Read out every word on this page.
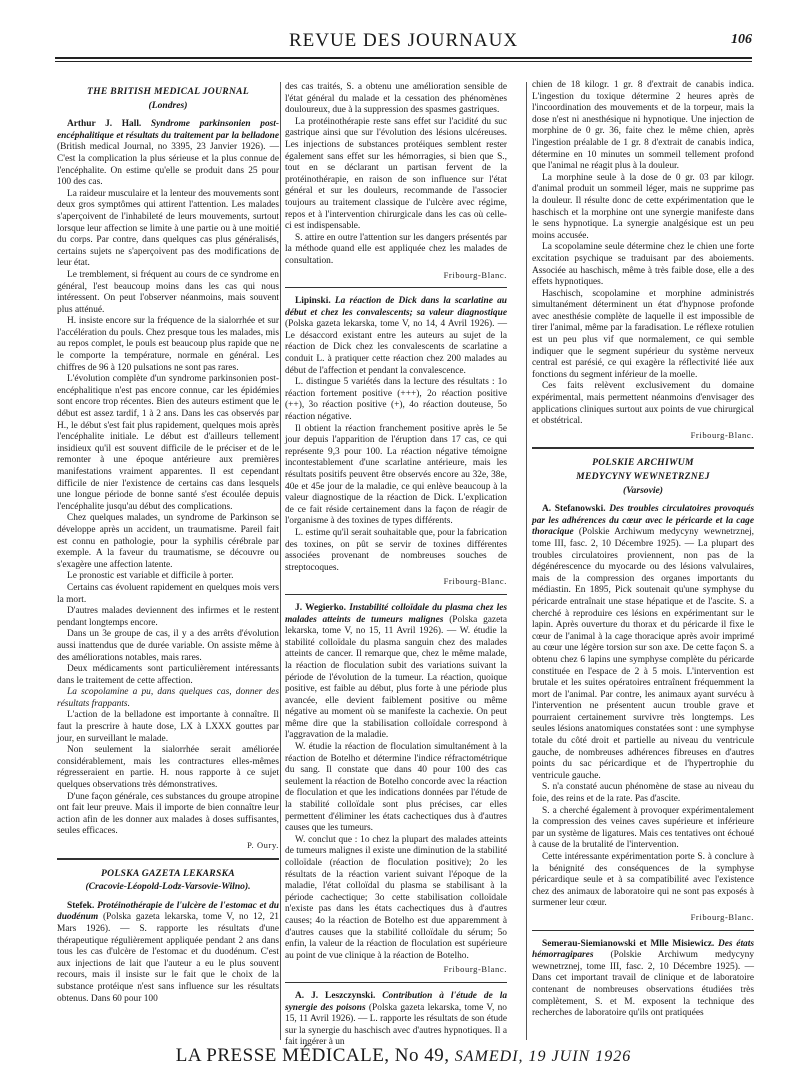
REVUE DES JOURNAUX	106
THE BRITISH MEDICAL JOURNAL
(Londres)

Arthur J. Hall. Syndrome parkinsonien post-encéphalitique et résultats du traitement par la belladone (British medical Journal, no 3395, 23 Janvier 1926). — C'est la complication la plus sérieuse et la plus connue de l'encéphalite. On estime qu'elle se produit dans 25 pour 100 des cas.

La raideur musculaire et la lenteur des mouvements sont deux gros symptômes qui attirent l'attention. Les malades s'aperçoivent de l'inhabileté de leurs mouvements, surtout lorsque leur affection se limite à une partie ou à une moitié du corps. Par contre, dans quelques cas plus généralisés, certains sujets ne s'aperçoivent pas des modifications de leur état.

Le tremblement, si fréquent au cours de ce syndrome en général, l'est beaucoup moins dans les cas qui nous intéressent. On peut l'observer néanmoins, mais souvent plus atténué.

H. insiste encore sur la fréquence de la sialorrhée et sur l'accélération du pouls. Chez presque tous les malades, mis au repos complet, le pouls est beaucoup plus rapide que ne le comporte la température, normale en général. Les chiffres de 96 à 120 pulsations ne sont pas rares.

L'évolution complète d'un syndrome parkinsonien post-encéphalitique n'est pas encore connue, car les épidémies sont encore trop récentes. Bien des auteurs estiment que le début est assez tardif, 1 à 2 ans. Dans les cas observés par H., le début s'est fait plus rapidement, quelques mois après l'encéphalite initiale. Le début est d'ailleurs tellement insidieux qu'il est souvent difficile de le préciser et de le remonter à une époque antérieure aux premières manifestations vraiment apparentes. Il est cependant difficile de nier l'existence de certains cas dans lesquels une longue période de bonne santé s'est écoulée depuis l'encéphalite jusqu'au début des complications.

Chez quelques malades, un syndrome de Parkinson se développe après un accident, un traumatisme. Pareil fait est connu en pathologie, pour la syphilis cérébrale par exemple. A la faveur du traumatisme, se découvre ou s'exagère une affection latente.

Le pronostic est variable et difficile à porter.

Certains cas évoluent rapidement en quelques mois vers la mort.

D'autres malades deviennent des infirmes et le restent pendant longtemps encore.

Dans un 3e groupe de cas, il y a des arrêts d'évolution aussi inattendus que de durée variable. On assiste même à des améliorations notables, mais rares.

Deux médicaments sont particulièrement intéressants dans le traitement de cette affection.

La scopolamine a pu, dans quelques cas, donner des résultats frappants.

L'action de la belladone est importante à connaître. Il faut la prescrire à haute dose, LX à LXXX gouttes par jour, en surveillant le malade.

Non seulement la sialorrhée serait améliorée considérablement, mais les contractures elles-mêmes régresseraient en partie. H. nous rapporte à ce sujet quelques observations très démonstratives.

D'une façon générale, ces substances du groupe atropine ont fait leur preuve. Mais il importe de bien connaître leur action afin de les donner aux malades à doses suffisantes, seules efficaces.

P. Oury.
POLSKA GAZETA LEKARSKA
(Cracovie-Léopold-Lodz-Varsovie-Wilno).

Stefek. Protéinothérapie de l'ulcère de l'estomac et du duodénum (Polska gazeta lekarska, tome V, no 12, 21 Mars 1926). — S. rapporte les résultats d'une thérapeutique régulièrement appliquée pendant 2 ans dans tous les cas d'ulcère de l'estomac et du duodénum. C'est aux injections de lait que l'auteur a eu le plus souvent recours, mais il insiste sur le fait que le choix de la substance protéique n'est sans influence sur les résultats obtenus. Dans 60 pour 100

des cas traités, S. a obtenu une amélioration sensible de l'état général du malade et la cessation des phénomènes douloureux, due à la suppression des spasmes gastriques.

La protéinothérapie reste sans effet sur l'acidité du suc gastrique ainsi que sur l'évolution des lésions ulcéreuses. Les injections de substances protéiques semblent rester également sans effet sur les hémorragies, si bien que S., tout en se déclarant un partisan fervent de la protéinothérapie, en raison de son influence sur l'état général et sur les douleurs, recommande de l'associer toujours au traitement classique de l'ulcère avec régime, repos et à l'intervention chirurgicale dans les cas où celle-ci est indispensable.

S. attire en outre l'attention sur les dangers présentés par la méthode quand elle est appliquée chez les malades de consultation.

Fribourg-Blanc.

Lipinski. La réaction de Dick dans la scarlatine au début et chez les convalescents; sa valeur diagnostique (Polska gazeta lekarska, tome V, no 14, 4 Avril 1926). — Le désaccord existant entre les auteurs au sujet de la réaction de Dick chez les convalescents de scarlatine a conduit L. à pratiquer cette réaction chez 200 malades au début de l'affection et pendant la convalescence.

L. distingue 5 variétés dans la lecture des résultats : 1o réaction fortement positive (+++), 2o réaction positive (++), 3o réaction positive (+), 4o réaction douteuse, 5o réaction négative.

Il obtient la réaction franchement positive après le 5e jour depuis l'apparition de l'éruption dans 17 cas, ce qui représente 9,3 pour 100. La réaction négative témoigne incontestablement d'une scarlatine antérieure, mais les résultats positifs peuvent être observés encore au 32e, 38e, 40e et 45e jour de la maladie, ce qui enlève beaucoup à la valeur diagnostique de la réaction de Dick. L'explication de ce fait réside certainement dans la façon de réagir de l'organisme à des toxines de types différents.

L. estime qu'il serait souhaitable que, pour la fabrication des toxines, on pût se servir de toxines différentes associées provenant de nombreuses souches de streptocoques.

Fribourg-Blanc.

J. Wegierko. Instabilité colloïdale du plasma chez les malades atteints de tumeurs malignes (Polska gazeta lekarska, tome V, no 15, 11 Avril 1926). — W. étudie la stabilité colloïdale du plasma sanguin chez des malades atteints de cancer. Il remarque que, chez le même malade, la réaction de floculation subit des variations suivant la période de l'évolution de la tumeur. La réaction, quoique positive, est faible au début, plus forte à une période plus avancée, elle devient faiblement positive ou même négative au moment où se manifeste la cachexie. On peut même dire que la stabilisation colloïdale correspond à l'aggravation de la maladie.

W. étudie la réaction de floculation simultanément à la réaction de Botelho et détermine l'indice réfractométrique du sang. Il constate que dans 40 pour 100 des cas seulement la réaction de Botelho concorde avec la réaction de floculation et que les indications données par l'étude de la stabilité colloïdale sont plus précises, car elles permettent d'éliminer les états cachectiques dus à d'autres causes que les tumeurs.

W. conclut que : 1o chez la plupart des malades atteints de tumeurs malignes il existe une diminution de la stabilité colloïdale (réaction de floculation positive); 2o les résultats de la réaction varient suivant l'époque de la maladie, l'état colloïdal du plasma se stabilisant à la période cachectique; 3o cette stabilisation colloïdale n'existe pas dans les états cachectiques dus à d'autres causes; 4o la réaction de Botelho est due apparemment à d'autres causes que la stabilité colloïdale du sérum; 5o enfin, la valeur de la réaction de floculation est supérieure au point de vue clinique à la réaction de Botelho.

Fribourg-Blanc.

A. J. Leszczynski. Contribution à l'étude de la synergie des poisons (Polska gazeta lekarska, tome V, no 15, 11 Avril 1926). — L. rapporte les résultats de son étude sur la synergie du haschisch avec d'autres hypnotiques. Il a fait ingérer à un

chien de 18 kilogr. 1 gr. 8 d'extrait de canabis indica. L'ingestion du toxique détermine 2 heures après de l'incoordination des mouvements et de la torpeur, mais la dose n'est ni anesthésique ni hypnotique. Une injection de morphine de 0 gr. 36, faite chez le même chien, après l'ingestion préalable de 1 gr. 8 d'extrait de canabis indica, détermine en 10 minutes un sommeil tellement profond que l'animal ne réagit plus à la douleur.

La morphine seule à la dose de 0 gr. 03 par kilogr. d'animal produit un sommeil léger, mais ne supprime pas la douleur. Il résulte donc de cette expérimentation que le haschisch et la morphine ont une synergie manifeste dans le sens hypnotique. La synergie analgésique est un peu moins accusée.

La scopolamine seule détermine chez le chien une forte excitation psychique se traduisant par des aboiements. Associée au haschisch, même à très faible dose, elle a des effets hypnotiques.

Haschisch, scopolamine et morphine administrés simultanément déterminent un état d'hypnose profonde avec anesthésie complète de laquelle il est impossible de tirer l'animal, même par la faradisation. Le réflexe rotulien est un peu plus vif que normalement, ce qui semble indiquer que le segment supérieur du système nerveux central est parésié, ce qui exagère la réflectivité liée aux fonctions du segment inférieur de la moelle.

Ces faits relèvent exclusivement du domaine expérimental, mais permettent néanmoins d'envisager des applications cliniques surtout aux points de vue chirurgical et obstétrical.

Fribourg-Blanc.
POLSKIE ARCHIWUM
MEDYCYNY WEWNETRZNEJ
(Varsovie)

A. Stefanowski. Des troubles circulatoires provoqués par les adhérences du cœur avec le péricarde et la cage thoracique (Polskie Archiwum medycyny wewnetrznej, tome III, fasc. 2, 10 Décembre 1925). — La plupart des troubles circulatoires proviennent, non pas de la dégénérescence du myocarde ou des lésions valvulaires, mais de la compression des organes importants du médiastin. En 1895, Pick soutenait qu'une symphyse du péricarde entraînait une stase hépatique et de l'ascite. S. a cherché à reproduire ces lésions en expérimentant sur le lapin. Après ouverture du thorax et du péricarde il fixe le cœur de l'animal à la cage thoracique après avoir imprimé au cœur une légère torsion sur son axe. De cette façon S. a obtenu chez 6 lapins une symphyse complète du péricarde constituée en l'espace de 2 à 5 mois. L'intervention est brutale et les suites opératoires entraînent fréquemment la mort de l'animal. Par contre, les animaux ayant survécu à l'intervention ne présentent aucun trouble grave et pourraient certainement survivre très longtemps. Les seules lésions anatomiques constatées sont : une symphyse totale du côté droit et partielle au niveau du ventricule gauche, de nombreuses adhérences fibreuses en d'autres points du sac péricardique et de l'hypertrophie du ventricule gauche.

S. n'a constaté aucun phénomène de stase au niveau du foie, des reins et de la rate. Pas d'ascite.

S. a cherché également à provoquer expérimentalement la compression des veines caves supérieure et inférieure par un système de ligatures. Mais ces tentatives ont échoué à cause de la brutalité de l'intervention.

Cette intéressante expérimentation porte S. à conclure à la bénignité des conséquences de la symphyse péricardique seule et à sa compatibilité avec l'existence chez des animaux de laboratoire qui ne sont pas exposés à surmener leur cœur.

Fribourg-Blanc.

Semerau-Siemianowski et Mlle Misiewicz. Des états hémorragipares (Polskie Archiwum medycyny wewnetrznej, tome III, fasc. 2, 10 Décembre 1925). — Dans cet important travail de clinique et de laboratoire contenant de nombreuses observations étudiées très complètement, S. et M. exposent la technique des recherches de laboratoire qu'ils ont pratiquées

LA PRESSE MÉDICALE, No 49, SAMEDI, 19 JUIN 1926
